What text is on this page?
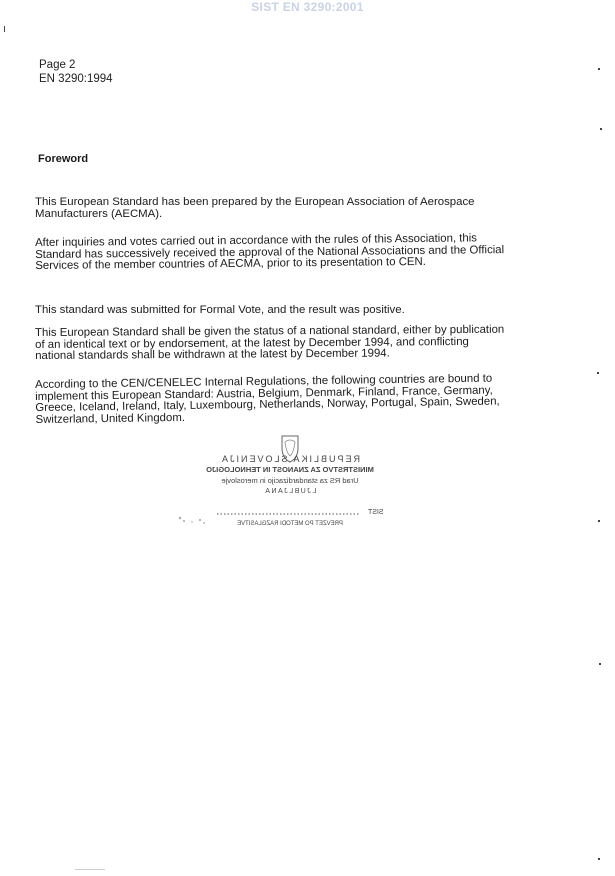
SIST EN 3290:2001
Page 2
EN 3290:1994
Foreword
This European Standard has been prepared by the European Association of Aerospace Manufacturers (AECMA).
After inquiries and votes carried out in accordance with the rules of this Association, this Standard has successively received the approval of the National Associations and the Official Services of the member countries of AECMA, prior to its presentation to CEN.
This standard was submitted for Formal Vote, and the result was positive.
This European Standard shall be given the status of a national standard, either by publication of an identical text or by endorsement, at the latest by December 1994, and conflicting national standards shall be withdrawn at the latest by December 1994.
According to the CEN/CENELEC Internal Regulations, the following countries are bound to implement this European Standard: Austria, Belgium, Denmark, Finland, France, Germany, Greece, Iceland, Ireland, Italy, Luxembourg, Netherlands, Norway, Portugal, Spain, Sweden, Switzerland, United Kingdom.
REPUBLIKA SLOVENIJA
MINISTRSTVO ZA ZNANOST IN TEHNOLOGIJO
Urad RS za standardizacijo in meroslovje
LJUBLJANA
SIST
PREVZET PO METODI RAZGLASITVE
